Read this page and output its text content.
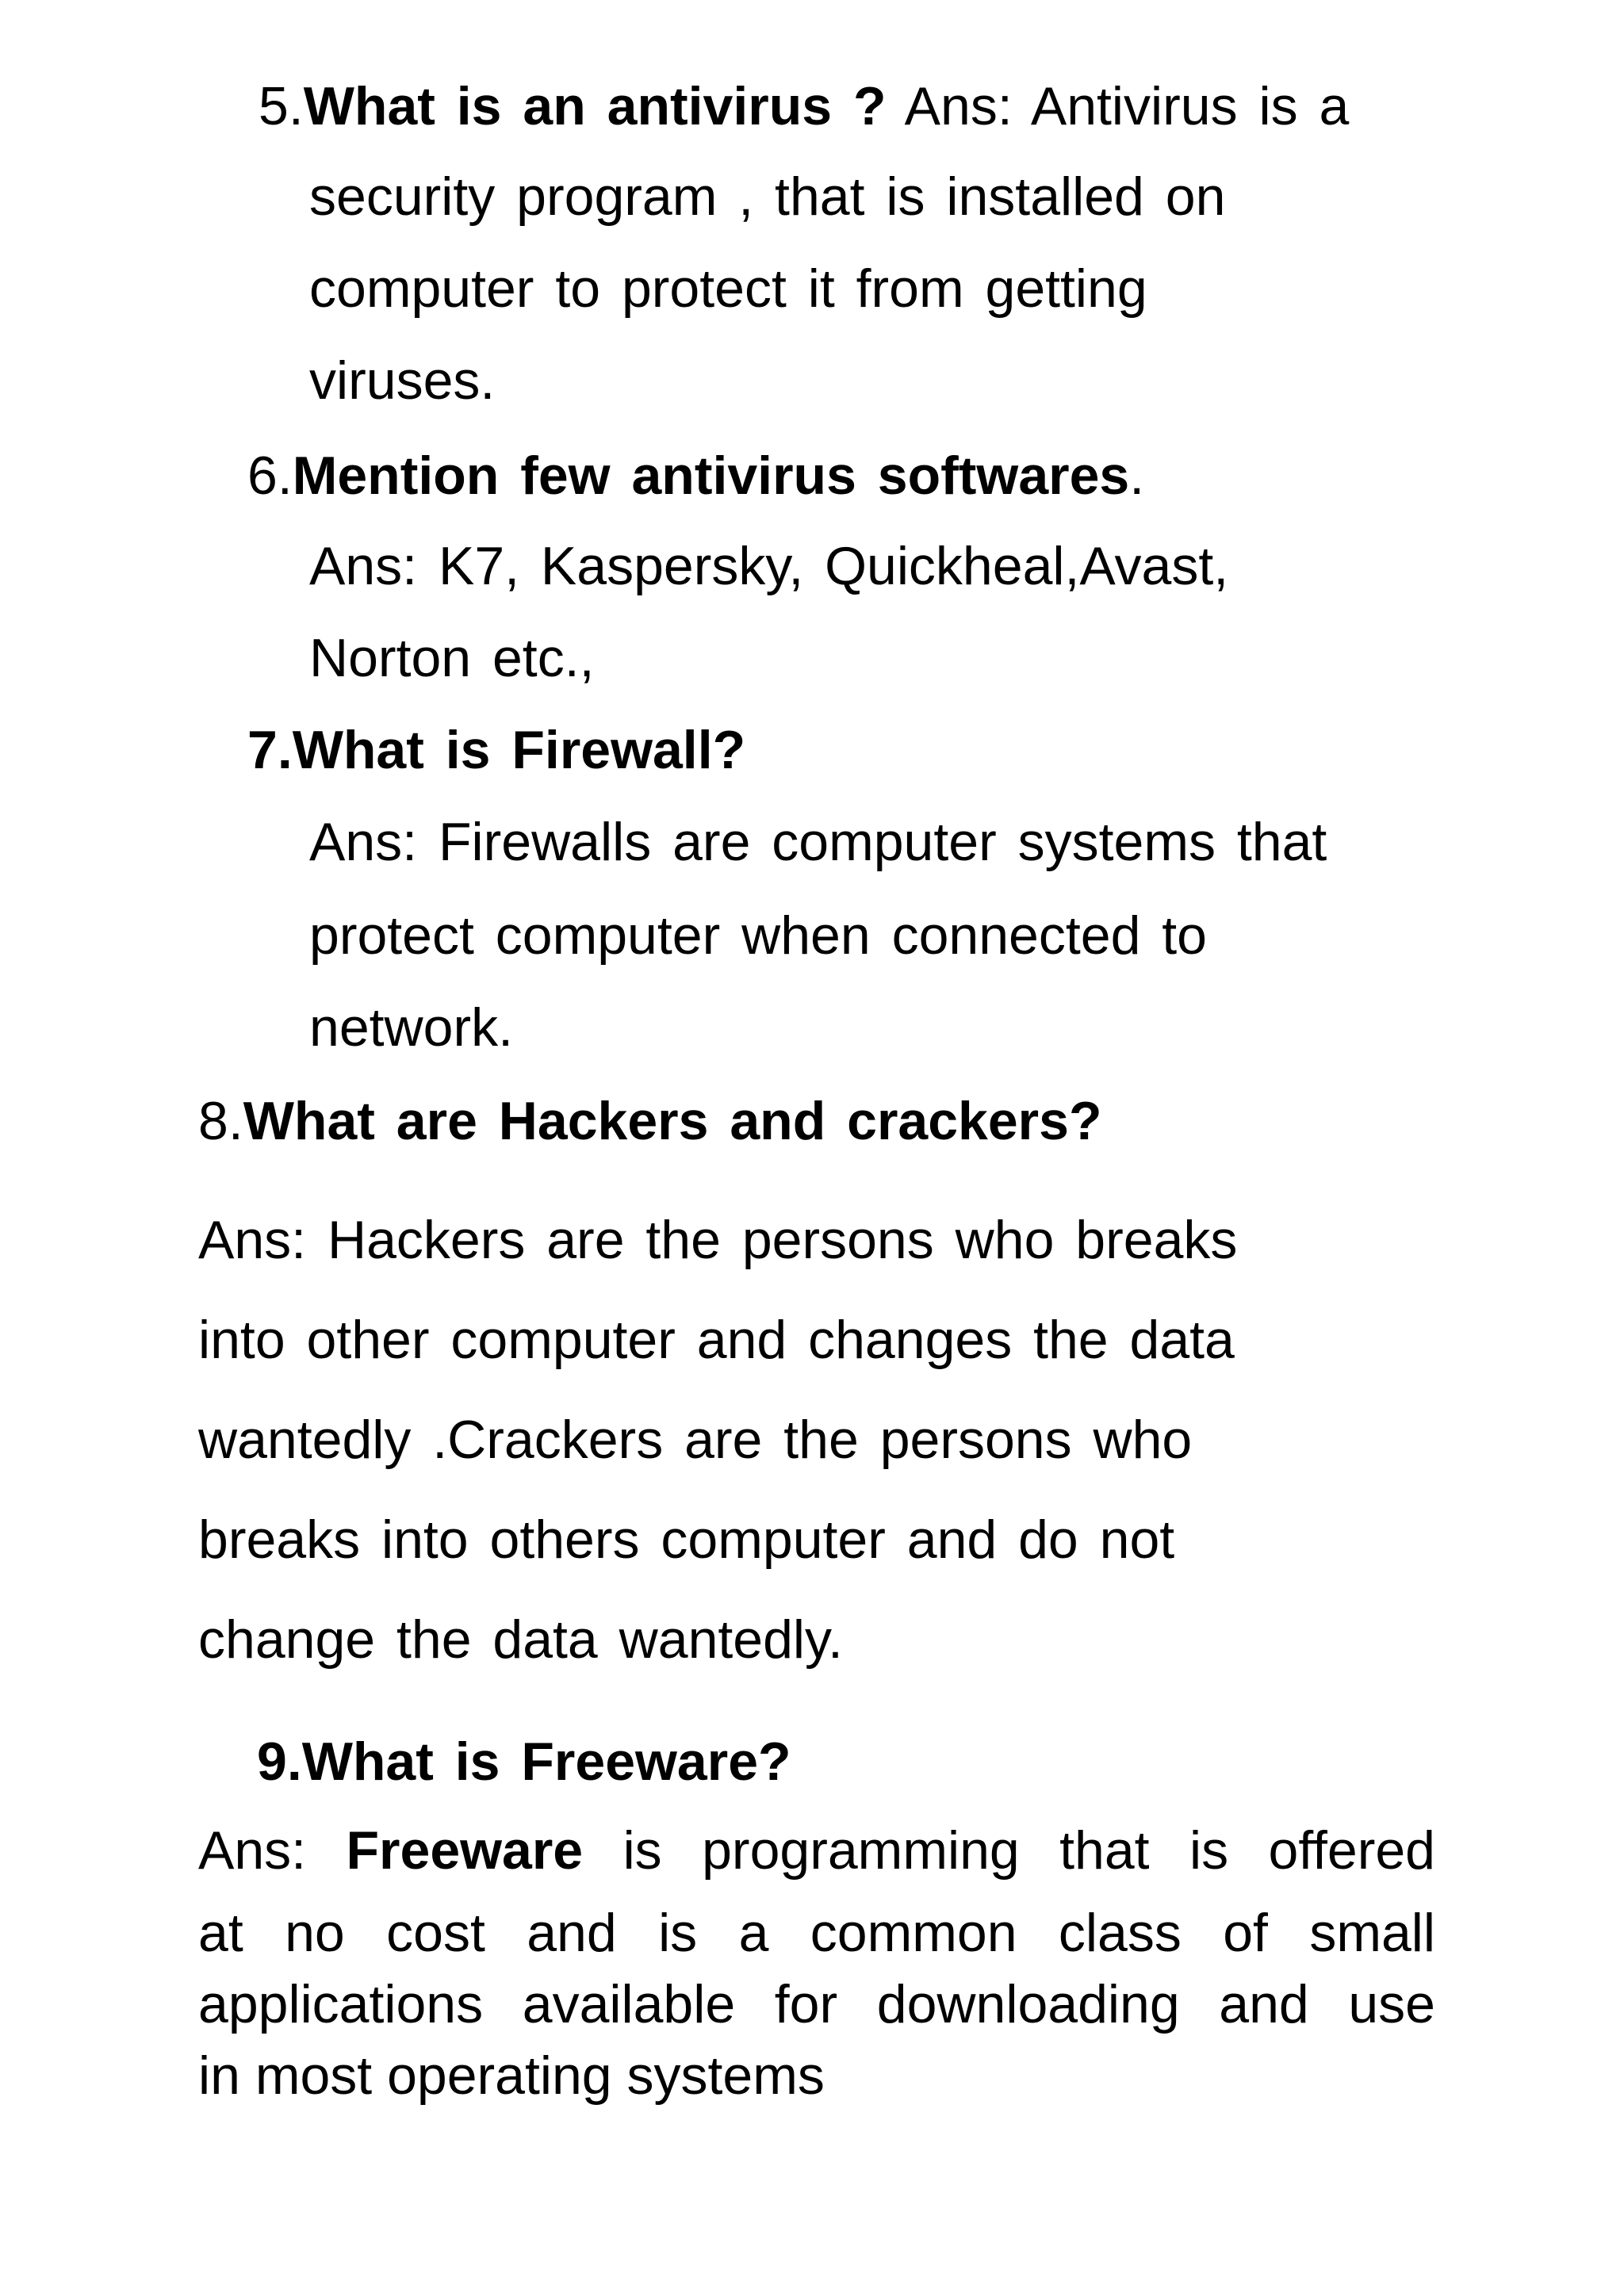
5.What is an antivirus ? Ans: Antivirus is a
security program , that is installed on
computer to protect it from getting
viruses.
6.Mention few antivirus softwares.
Ans: K7, Kaspersky, Quickheal,Avast,
Norton etc.,
7.What is Firewall?
Ans: Firewalls are computer systems that
protect computer when connected to
network.
8.What are Hackers and crackers?
Ans: Hackers are the persons who breaks
into other computer and changes the data
wantedly .Crackers are the persons who
breaks into others computer and do not
change the data wantedly.
9.What is Freeware?
Ans: Freeware is programming that is offered
at no cost and is a common class of small
applications available for downloading and use
in most operating systems
